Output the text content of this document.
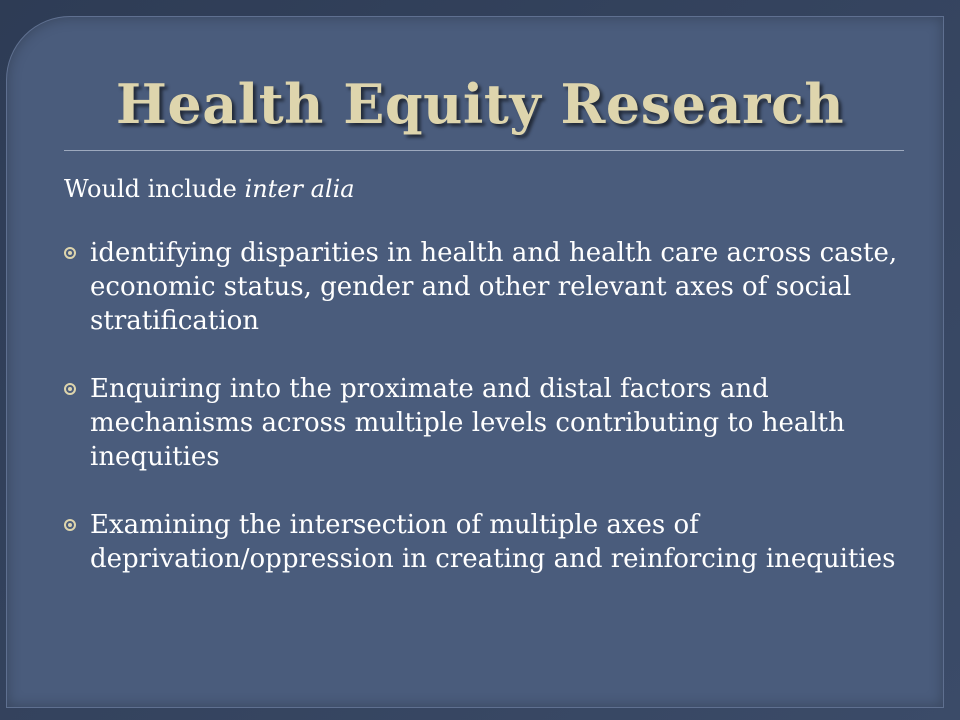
Health Equity Research

Would include inter alia

identifying disparities in health and health care across caste, economic status, gender and other relevant axes of social stratification
Enquiring into the proximate and distal factors and mechanisms across multiple levels contributing to health inequities
Examining the intersection of multiple axes of deprivation/oppression in creating and reinforcing inequities
